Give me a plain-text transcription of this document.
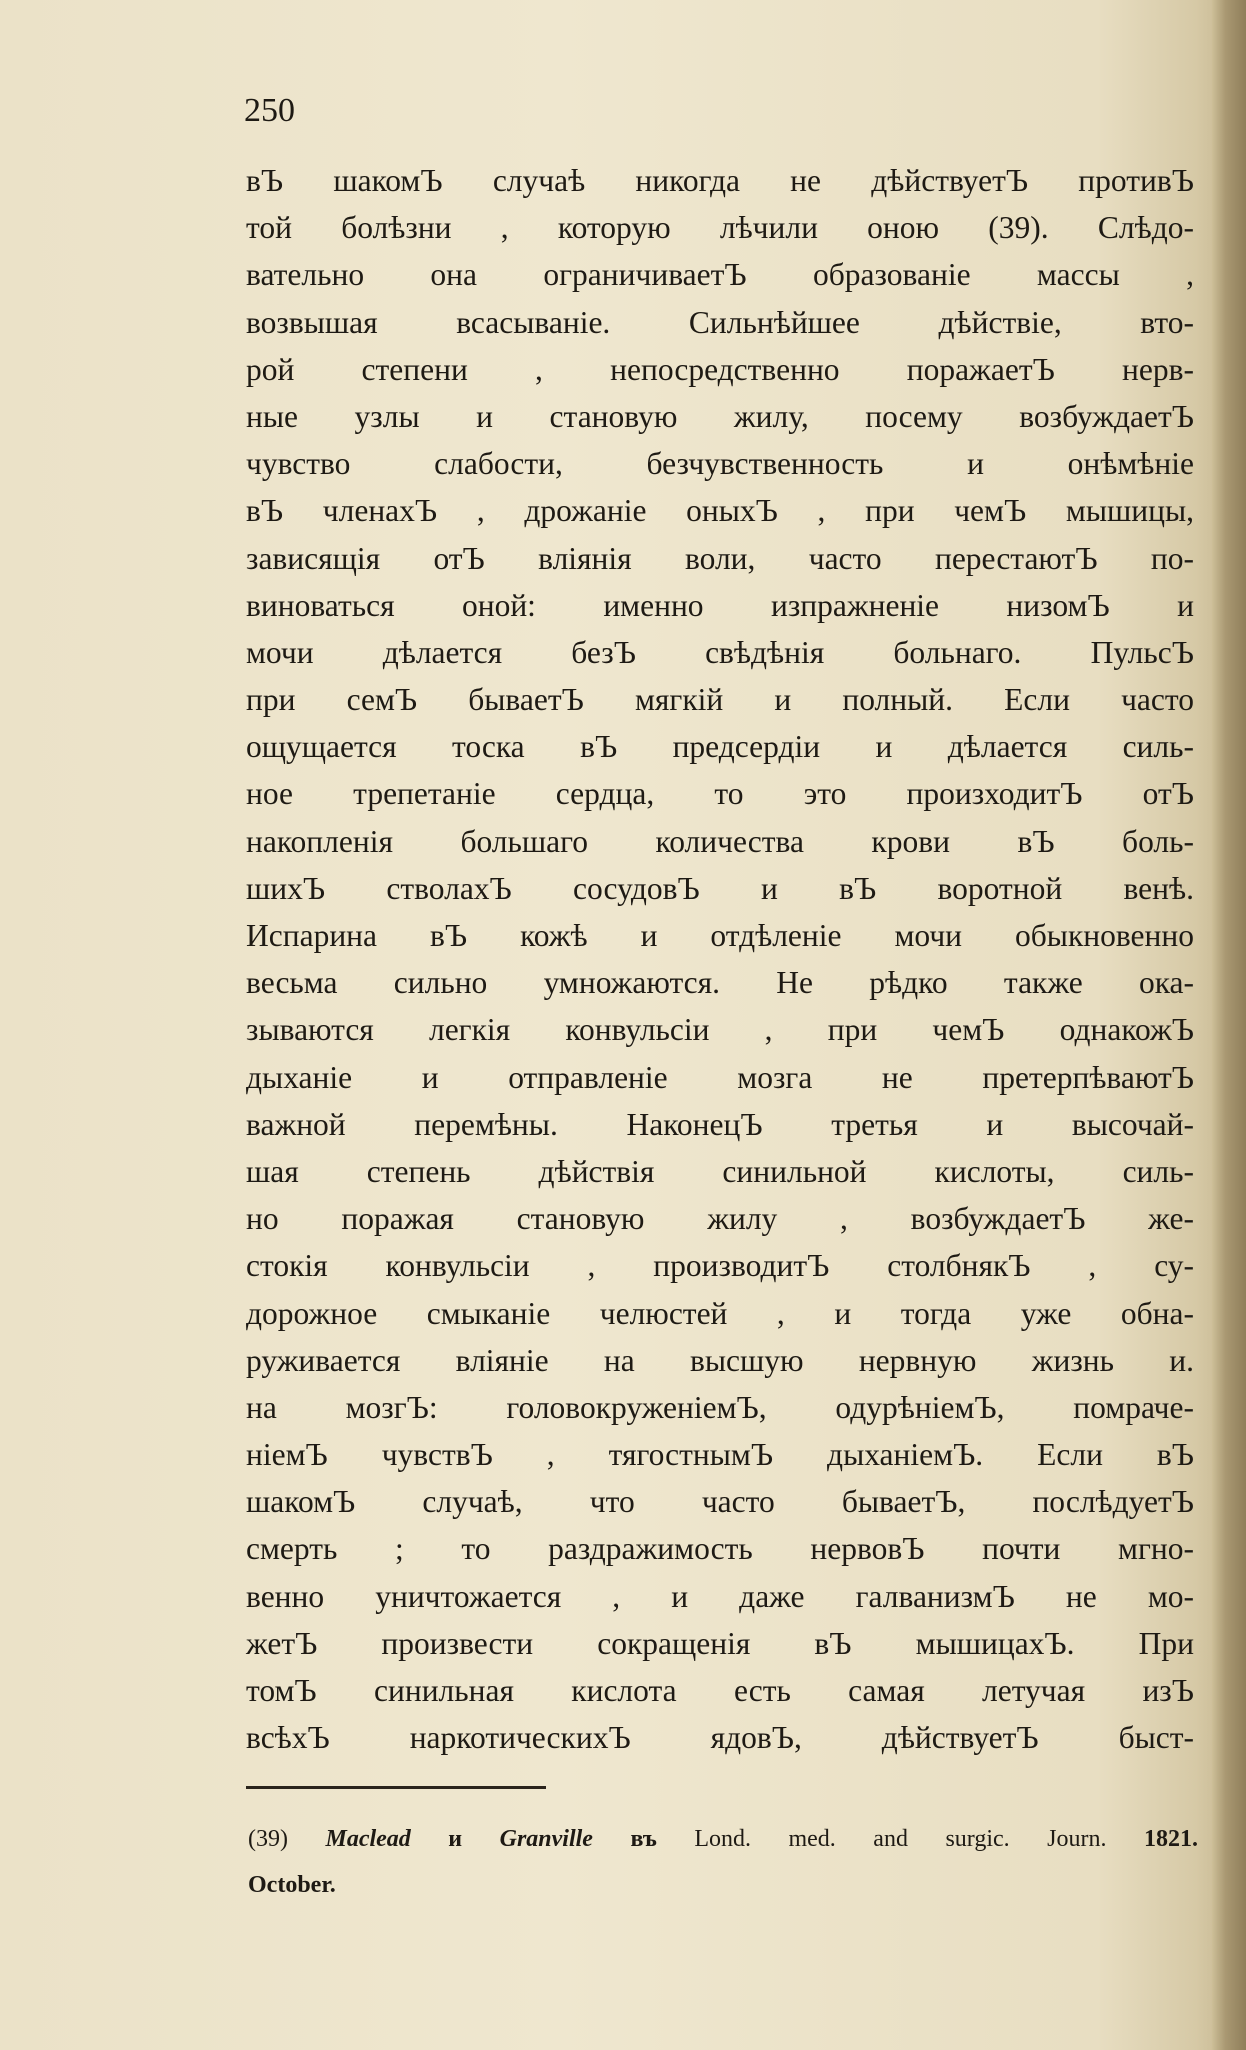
250
вЪ шакомЪ случаѣ никогда не дѣйствуетЪ противЪ
той болѣзни , которую лѣчили оною (39). Слѣдо-
вательно она ограничиваетЪ образованіе массы ,
возвышая всасываніе. Сильнѣйшее дѣйствіе, вто-
рой степени , непосредственно поражаетЪ нерв-
ные узлы и становую жилу, посему возбуждаетЪ
чувство слабости, безчувственность и онѣмѣніе
вЪ членахЪ , дрожаніе оныхЪ , при чемЪ мышицы,
зависящія отЪ вліянія воли, часто перестаютЪ по-
виноваться оной: именно изпражненіе низомЪ и
мочи дѣлается безЪ свѣдѣнія больнаго. ПульсЪ
при семЪ бываетЪ мягкій и полный. Если часто
ощущается тоска вЪ предсердіи и дѣлается силь-
ное трепетаніе сердца, то это произходитЪ отЪ
накопленія большаго количества крови вЪ боль-
шихЪ стволахЪ сосудовЪ и вЪ воротной венѣ.
Испарина вЪ кожѣ и отдѣленіе мочи обыкновенно
весьма сильно умножаются. Не рѣдко также ока-
зываются легкія конвульсіи , при чемЪ однакожЪ
дыханіе и отправленіе мозга не претерпѣваютЪ
важной перемѣны. НаконецЪ третья и высочай-
шая степень дѣйствія синильной кислоты, силь-
но поражая становую жилу , возбуждаетЪ же-
стокія конвульсіи , производитЪ столбнякЪ , су-
дорожное смыканіе челюстей , и тогда уже обна-
руживается вліяніе на высшую нервную жизнь и.
на мозгЪ: головокруженіемЪ, одурѣніемЪ, помраче-
ніемЪ чувствЪ , тягостнымЪ дыханіемЪ. Если вЪ
шакомЪ случаѣ, что часто бываетЪ, послѣдуетЪ
смерть ; то раздражимость нервовЪ почти мгно-
венно уничтожается , и даже галванизмЪ не мо-
жетЪ произвести сокращенія вЪ мышицахЪ. При
томЪ синильная кислота есть самая летучая изЪ
всѣхЪ наркотическихЪ ядовЪ, дѣйствуетЪ быст-
(39) Maclead и Granville въ Lond. med. and surgic. Journ. 1821.
October.
